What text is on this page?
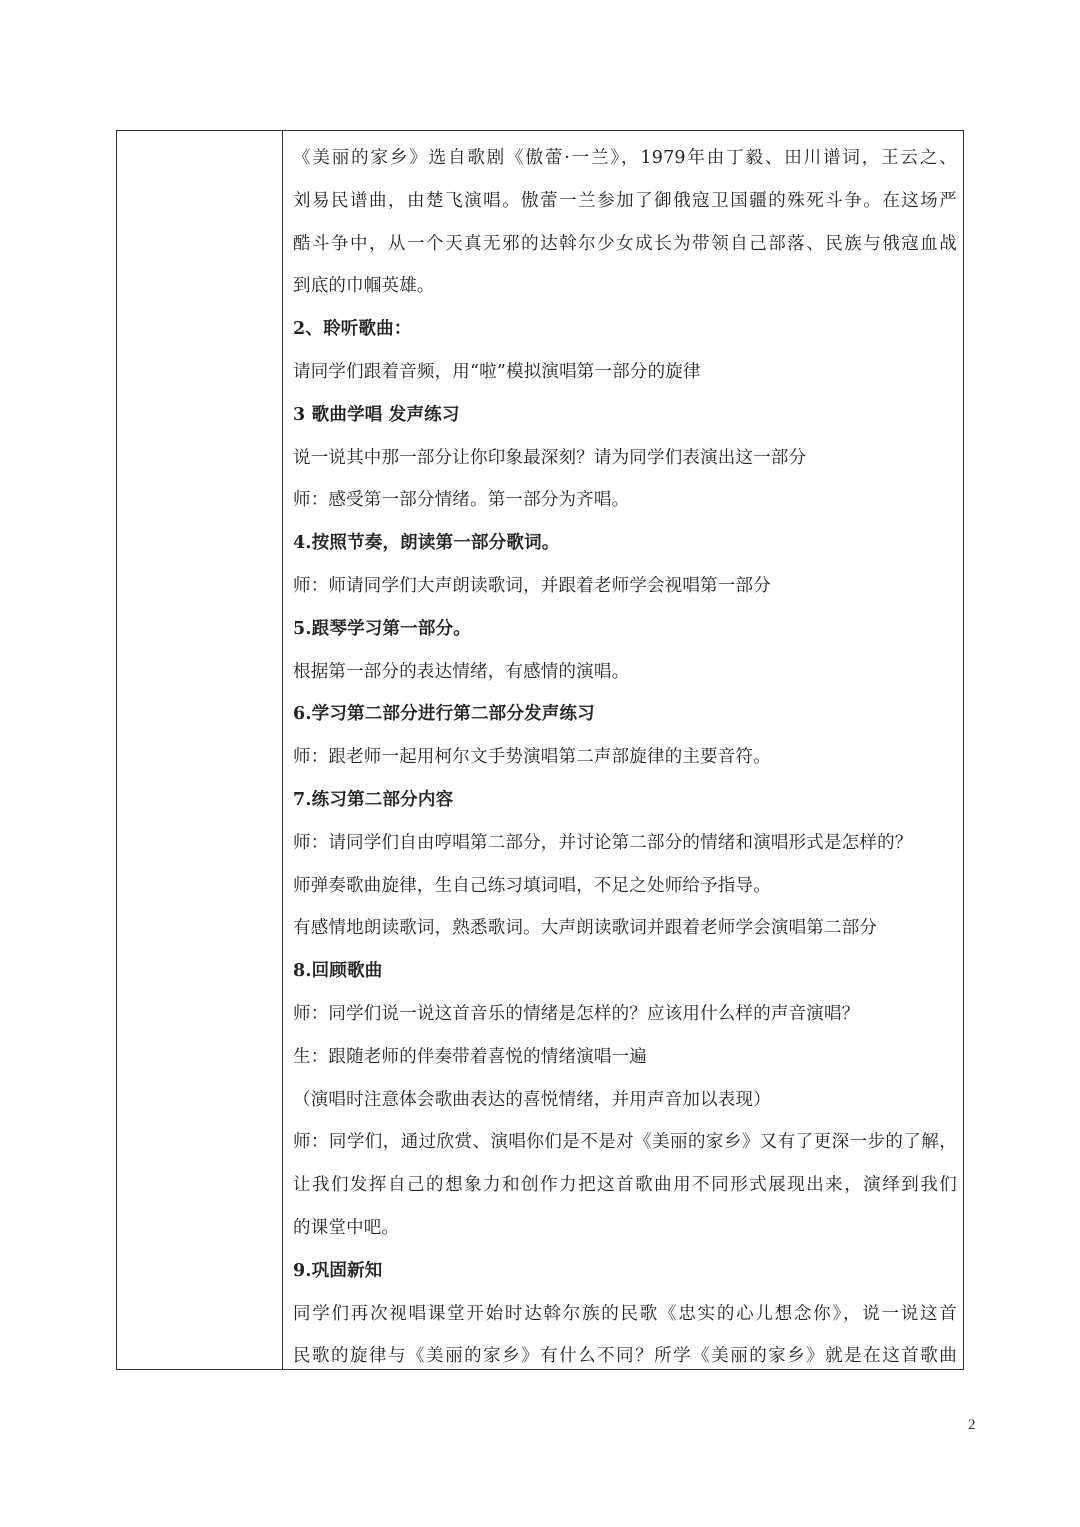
《美丽的家乡》选自歌剧《傲蕾·一兰》，1979年由丁毅、田川谱词，王云之、
刘易民谱曲，由楚飞演唱。傲蕾一兰参加了御俄寇卫国疆的殊死斗争。在这场严
酷斗争中，从一个天真无邪的达斡尔少女成长为带领自己部落、民族与俄寇血战
到底的巾帼英雄。
2、聆听歌曲：
请同学们跟着音频，用“啦”模拟演唱第一部分的旋律
3 歌曲学唱 发声练习
说一说其中那一部分让你印象最深刻？请为同学们表演出这一部分
师：感受第一部分情绪。第一部分为齐唱。
4.按照节奏，朗读第一部分歌词。
师：师请同学们大声朗读歌词，并跟着老师学会视唱第一部分
5.跟琴学习第一部分。
根据第一部分的表达情绪，有感情的演唱。
6.学习第二部分进行第二部分发声练习
师：跟老师一起用柯尔文手势演唱第二声部旋律的主要音符。
7.练习第二部分内容
师：请同学们自由哼唱第二部分，并讨论第二部分的情绪和演唱形式是怎样的？
师弹奏歌曲旋律，生自己练习填词唱，不足之处师给予指导。
有感情地朗读歌词，熟悉歌词。大声朗读歌词并跟着老师学会演唱第二部分
8.回顾歌曲
师：同学们说一说这首音乐的情绪是怎样的？应该用什么样的声音演唱？
生：跟随老师的伴奏带着喜悦的情绪演唱一遍
（演唱时注意体会歌曲表达的喜悦情绪，并用声音加以表现）
师：同学们，通过欣赏、演唱你们是不是对《美丽的家乡》又有了更深一步的了解，
让我们发挥自己的想象力和创作力把这首歌曲用不同形式展现出来，演绎到我们
的课堂中吧。
9.巩固新知
同学们再次视唱课堂开始时达斡尔族的民歌《忠实的心儿想念你》，说一说这首
民歌的旋律与《美丽的家乡》有什么不同？所学《美丽的家乡》就是在这首歌曲
2
